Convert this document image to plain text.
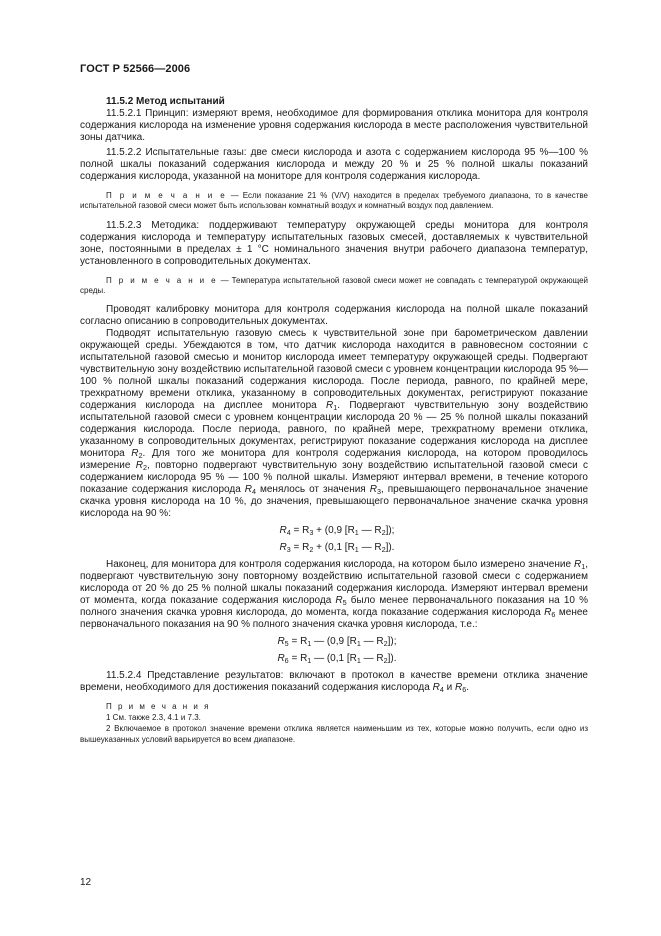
ГОСТ Р 52566—2006

11.5.2 Метод испытаний

11.5.2.1 Принцип: измеряют время, необходимое для формирования отклика монитора для контроля содержания кислорода на изменение уровня содержания кислорода в месте расположения чувствительной зоны датчика.

11.5.2.2 Испытательные газы: две смеси кислорода и азота с содержанием кислорода 95 %—100 % полной шкалы показаний содержания кислорода и между 20 % и 25 % полной шкалы показаний содержания кислорода, указанной на мониторе для контроля содержания кислорода.

П р и м е ч а н и е — Если показание 21 % (V/V) находится в пределах требуемого диапазона, то в качестве испытательной газовой смеси может быть использован комнатный воздух и комнатный воздух под давлением.

11.5.2.3 Методика: поддерживают температуру окружающей среды монитора для контроля содержания кислорода и температуру испытательных газовых смесей, доставляемых к чувствительной зоне, постоянными в пределах ± 1 °С номинального значения внутри рабочего диапазона температур, установленного в сопроводительных документах.

П р и м е ч а н и е — Температура испытательной газовой смеси может не совпадать с температурой окружающей среды.

Проводят калибровку монитора для контроля содержания кислорода на полной шкале показаний согласно описанию в сопроводительных документах.

Подводят испытательную газовую смесь к чувствительной зоне при барометрическом давлении окружающей среды. Убеждаются в том, что датчик кислорода находится в равновесном состоянии с испытательной газовой смесью и монитор кислорода имеет температуру окружающей среды. Подвергают чувствительную зону воздействию испытательной газовой смеси с уровнем концентрации кислорода 95 %—100 % полной шкалы показаний содержания кислорода. После периода, равного, по крайней мере, трехкратному времени отклика, указанному в сопроводительных документах, регистрируют показание содержания кислорода на дисплее монитора $R_1$. Подвергают чувствительную зону воздействию испытательной газовой смеси с уровнем концентрации кислорода 20 % — 25 % полной шкалы показаний содержания кислорода. После периода, равного, по крайней мере, трехкратному времени отклика, указанному в сопроводительных документах, регистрируют показание содержания кислорода на дисплее монитора $R_2$. Для того же монитора для контроля содержания кислорода, на котором проводилось измерение $R_2$, повторно подвергают чувствительную зону воздействию испытательной газовой смеси с содержанием кислорода 95 % — 100 % полной шкалы. Измеряют интервал времени, в течение которого показание содержания кислорода $R_4$ менялось от значения $R_3$, превышающего первоначальное значение скачка уровня кислорода на 10 %, до значения, превышающего первоначальное значение скачка уровня кислорода на 90 %:

$R_4 = R_3 + (0,9$ [$R_1$ — $R_2$]);

$R_3 = R_2 + (0,1$ [$R_1$ — $R_2$]).

Наконец, для монитора для контроля содержания кислорода, на котором было измерено значение $R_1$, подвергают чувствительную зону повторному воздействию испытательной газовой смеси с содержанием кислорода от 20 % до 25 % полной шкалы показаний содержания кислорода. Измеряют интервал времени от момента, когда показание содержания кислорода $R_5$ было менее первоначального показания на 10 % полного значения скачка уровня кислорода, до момента, когда показание содержания кислорода $R_6$ менее первоначального показания на 90 % полного значения скачка уровня кислорода, т.е.:

$R_5 = R_1$ — (0,9 [$R_1$ — $R_2$]);

$R_6 = R_1$ — (0,1 [$R_1$ — $R_2$]).

11.5.2.4 Представление результатов: включают в протокол в качестве времени отклика значение времени, необходимого для достижения показаний содержания кислорода $R_4$ и $R_6$.

П р и м е ч а н и я

1 См. также 2.3, 4.1 и 7.3.

2 Включаемое в протокол значение времени отклика является наименьшим из тех, которые можно получить, если одно из вышеуказанных условий варьируется во всем диапазоне.

12
